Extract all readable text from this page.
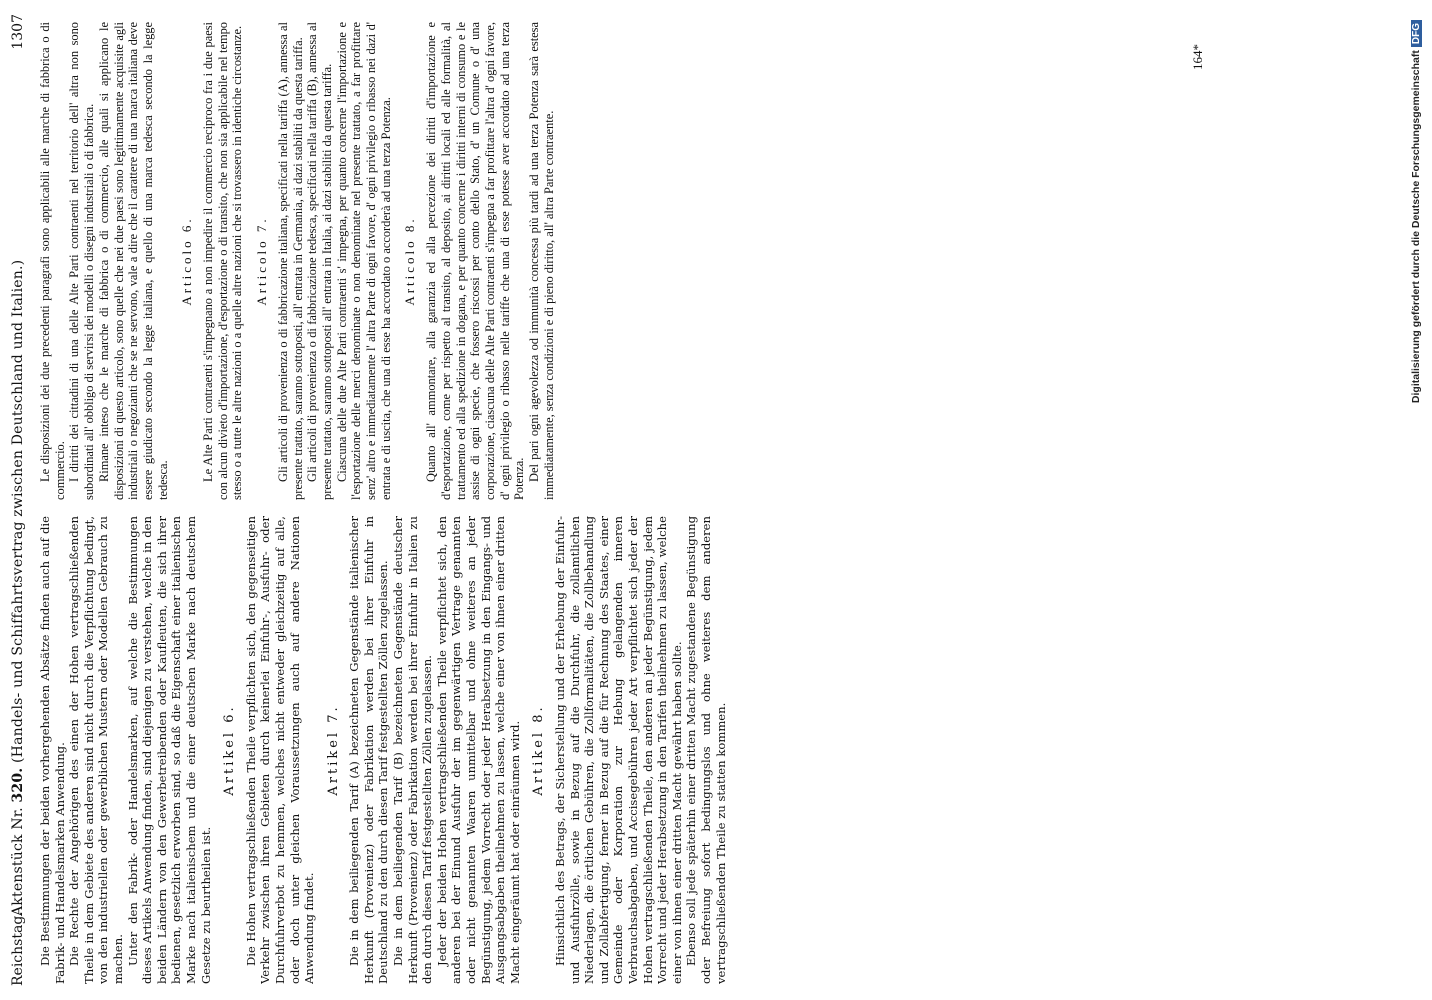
Reichstag.
Aktenstück Nr. 320. (Handels- und Schiffahrtsvertrag zwischen Deutschland und Italien.)
1307

Die Bestimmungen der beiden vorhergehenden Absätze finden auch auf die Fabrik- und Handelsmarken Anwendung. Die Rechte der Angehörigen des einen der Hohen vertragschließenden Theile in dem Gebiete des anderen sind nicht durch die Verpflichtung bedingt, von den industriellen oder gewerblichen Mustern oder Modellen Gebrauch zu machen. Unter den Fabrik- oder Handelsmarken, auf welche die Bestimmungen dieses Artikels Anwendung finden, sind diejenigen zu verstehen, welche in den beiden Ländern von den Gewerbetreibenden oder Kaufleuten, die sich ihrer bedienen, gesetzlich erworben sind, so daß die Eigenschaft einer italienischen Marke nach italienischem und die einer deutschen Marke nach deutschem Gesetze zu beurtheilen ist.

Artikel 6. Die Hohen vertragschließenden Theile verpflichten sich, den gegenseitigen Verkehr zwischen ihren Gebieten durch keinerlei Einfuhr-, Ausfuhr- oder Durchfuhrverbot zu hemmen, welches nicht entweder gleichzeitig auf alle, oder doch unter gleichen Voraussetzungen auch auf andere Nationen Anwendung findet.

Artikel 7. Die in dem beiliegenden Tarif (A) bezeichneten Gegenstände italienischer Herkunft (Provenienz) oder Fabrikation werden bei ihrer Einfuhr in Deutschland zu den durch diesen Tarif festgestellten Zöllen zugelassen. Die in dem beiliegenden Tarif (B) bezeichneten Gegenstände deutscher Herkunft (Provenienz) oder Fabrikation werden bei ihrer Einfuhr in Italien zu den durch diesen Tarif festgestellten Zöllen zugelassen. Jeder der beiden Hohen vertragschließenden Theile verpflichtet sich, den anderen bei der Einund Ausfuhr der im gegenwärtigen Vertrage genannten oder nicht genannten Waaren unmittelbar und ohne weiteres an jeder Begünstigung, jedem Vorrecht oder jeder Herabsetzung in den Eingangs- und Ausgangsabgaben theilnehmen zu lassen, welche einer von ihnen einer dritten Macht eingeräumt hat oder einräumen wird. Artikel 8. Hinsichtlich des Betrags, der Sicherstellung und der Erhebung der Einfuhr- und Ausfuhrzölle, sowie in Bezug auf die Durchfuhr, die zollamtlichen Niederlagen, die örtlichen Gebühren, die Zollformalitäten, die Zollbehandlung und Zollabfertigung, ferner in Bezug auf die für Rechnung des Staates, einer Gemeinde oder Korporation zur Hebung gelangenden inneren Verbrauchsabgaben, und Accisegebühren jeder Art verpflichtet sich jeder der Hohen vertragschließenden Theile, den anderen an jeder Begünstigung, jedem Vorrecht und jeder Herabsetzung in den Tarifen theilnehmen zu lassen, welche einer von ihnen einer dritten Macht gewährt haben sollte. Ebenso soll jede späterhin einer dritten Macht zugestandene Begünstigung oder Befreiung sofort bedingungslos und ohne weiteres dem anderen vertragschließenden Theile zu statten kommen.

Le disposizioni dei due precedenti paragrafi sono applicabili alle marche di fabbrica o di commercio. I diritti dei cittadini di una delle Alte Parti contraenti nel territorio dell' altra non sono subordinati all' obbligo di servirsi dei modelli o disegni industriali o di fabbrica. Rimane inteso che le marche di fabbrica o di commercio, alle quali si applicano le disposizioni di questo articolo, sono quelle che nei due paesi sono legittimamente acquisite agli industriali o negozianti che se ne servono, vale a dire che il carattere di una marca italiana deve essere giudicato secondo la legge italiana, e quello di una marca tedesca secondo la legge tedesca.

Articolo 6. Le Alte Parti contraenti s'impegnano a non impedire il commercio reciproco fra i due paesi con alcun divieto d'importazione, d'esportazione o di transito, che non sia applicabile nel tempo stesso o a tutte le altre nazioni o a quelle altre nazioni che si trovassero in identiche circostanze. Articolo 7. Gli articoli di provenienza o di fabbricazione italiana, specificati nella tariffa (A), annessa al presente trattato, saranno sottoposti, all' entrata in Germania, ai dazi stabiliti da questa tariffa. Gli articoli di provenienza o di fabbricazione tedesca, specificati nella tariffa (B), annessa al presente trattato, saranno sottoposti all' entrata in Italia, ai dazi stabiliti da questa tariffa. Ciascuna delle due Alte Parti contraenti s' impegna, per quanto concerne l'importazione e l'esportazione delle merci denominate o non denominate nel presente trattato, a far profittare senz' altro e immediatamente l' altra Parte di ogni favore, d' ogni privilegio o ribasso nei dazi d' entrata e di uscita, che una di esse ha accordato o accorderà ad una terza Potenza. Articolo 8. Quanto all' ammontare, alla garanzia ed alla percezione dei diritti d'importazione e d'esportazione, come per rispetto al transito, al deposito, ai diritti locali ed alle formalità, al trattamento ed alla spedizione in dogana, e per quanto concerne i diritti interni di consumo e le assise di ogni specie, che fossero riscossi per conto dello Stato, d' un Comune o d' una corporazione, ciascuna delle Alte Parti contraenti s'impegna a far profittare l'altra d' ogni favore, d' ogni privilegio o ribasso nelle tariffe che una di esse potesse aver accordato ad una terza Potenza. Del pari ogni agevolezza od immunità concessa più tardi ad una terza Potenza sarà estesa immediatamente, senza condizioni e di pieno diritto, all' altra Parte contraente.

164*	Digitalisierung gefördert durch die Deutsche ForschungsgemeinschaftDFG
